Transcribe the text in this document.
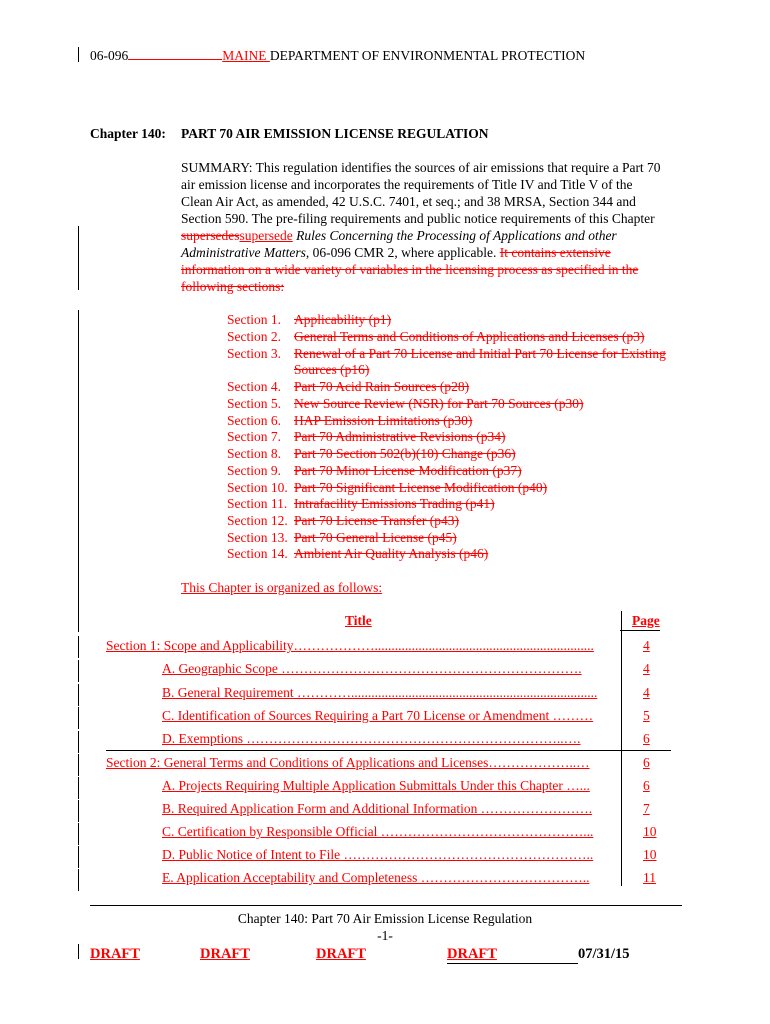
06-096	MAINE DEPARTMENT OF ENVIRONMENTAL PROTECTION
Chapter 140: PART 70 AIR EMISSION LICENSE REGULATION
SUMMARY: This regulation identifies the sources of air emissions that require a Part 70 air emission license and incorporates the requirements of Title IV and Title V of the Clean Air Act, as amended, 42 U.S.C. 7401, et seq.; and 38 MRSA, Section 344 and Section 590. The pre-filing requirements and public notice requirements of this Chapter supersedessupersede Rules Concerning the Processing of Applications and other Administrative Matters, 06-096 CMR 2, where applicable. It contains extensive information on a wide variety of variables in the licensing process as specified in the following sections:
Section 1. Applicability (p1)
Section 2. General Terms and Conditions of Applications and Licenses (p3)
Section 3. Renewal of a Part 70 License and Initial Part 70 License for Existing
Sources (p16)
Section 4. Part 70 Acid Rain Sources (p28)
Section 5. New Source Review (NSR) for Part 70 Sources (p30)
Section 6. HAP Emission Limitations (p30)
Section 7. Part 70 Administrative Revisions (p34)
Section 8. Part 70 Section 502(b)(10) Change (p36)
Section 9. Part 70 Minor License Modification (p37)
Section 10. Part 70 Significant License Modification (p40)
Section 11. Intrafacility Emissions Trading (p41)
Section 12. Part 70 License Transfer (p43)
Section 13. Part 70 General License (p45)
Section 14. Ambient Air Quality Analysis (p46)
This Chapter is organized as follows:
Title	Page
Section 1: Scope and Applicability……………….................................................................	4
A. Geographic Scope ………………………………………………………….	4
B. General Requirement ………….........................................................................	4
C. Identification of Sources Requiring a Part 70 License or Amendment ………	5
D. Exemptions ……………………………………………………………..….	6
Section 2: General Terms and Conditions of Applications and Licenses………………..…	6
A. Projects Requiring Multiple Application Submittals Under this Chapter …...	6
B. Required Application Form and Additional Information …………………….	7
C. Certification by Responsible Official ………………………………………...	10
D. Public Notice of Intent to File ………………………………………………..	10
E. Application Acceptability and Completeness ………………………………..	11
Chapter 140: Part 70 Air Emission License Regulation
-1-
DRAFT	DRAFT	DRAFT	DRAFT	07/31/15
